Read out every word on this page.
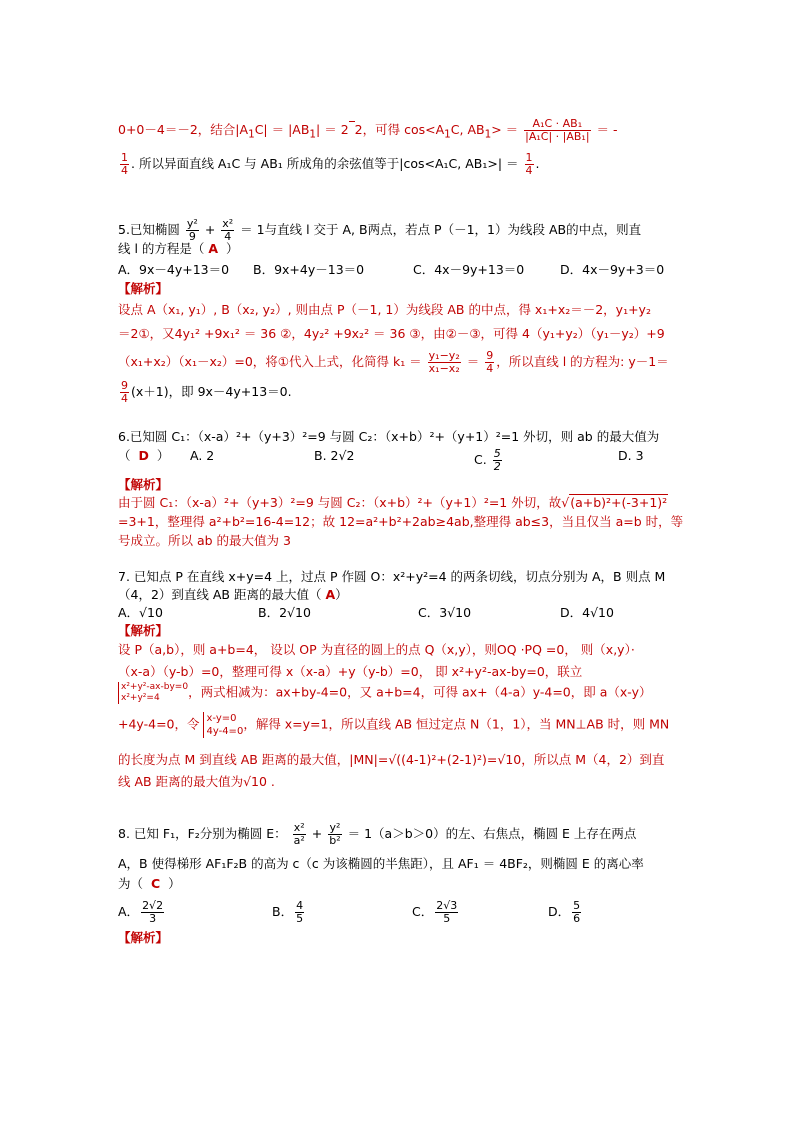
0+0－4＝－2，结合$|A_1C| = |AB_1| = 2$ 2，可得 $\cos<A_1C$, $AB_1> = \frac{\text{A₁C · AB₁}}{\text{|A₁C| · |AB₁|}}$ ＝ -
$\frac{1}{4}$ . 所以异面直线 A₁C 与 AB₁ 所成角的余弦值等于|cos<A₁C, $AB_1>| = \frac{1}{4}$ .
5.已知椭圆 $\frac{\text{y²}}{9} + \frac{\text{x²}}{4} = 1$与直线 l 交于 A, B两点，若点 P（－1，1）为线段 AB的中点，则直
线 l 的方程是（ A ）
A．9x－4y+13＝0 B．9x+4y－13＝0	C．4x－9y+13＝0	D．4x－9y+3＝0
【解析】
设点 A（x₁, y₁）, B（x₂, y₂）, 则由点 P（－1, 1）为线段 AB 的中点，得 x₁+x₂＝－2，y₁+y₂
＝2①，又4y₁² +9x₁² ＝ 36 ②，4y₂² +9x₂² ＝ 36 ③，由②－③，可得 4（y₁+y₂）（y₁－y₂）+9
（x₁+x₂）（x₁－x₂）=0，将①代入上式，化简得 $k_1 = \frac{\text{y₁−y₂}}{\text{x₁−x₂}} = \frac{9}{4}$ ，所以直线 l 的方程为: y－1＝
$\frac{9}{4} (x+1)$，即 9x－4y+13＝0.
6.已知圆 C₁：（x-a）²+（y+3）²=9 与圆 C₂：（x+b）²+（y+1）²=1 外切，则 ab 的最大值为
（ D ） A. 2	B. 2√2	C. $\frac{5}{2}$	D. 3
【解析】
由于圆 C₁：（x-a）²+（y+3）²=9 与圆 C₂：（x+b）²+（y+1）²=1 外切，故√(a+b)²+(-3+1)²
=3+1，整理得 a²+b²=16-4=12；故 12=a²+b²+2ab≥4ab,整理得 ab≤3，当且仅当 a=b 时，等
号成立。所以 ab 的最大值为 3
7. 已知点 P 在直线 x+y=4 上，过点 P 作圆 O：x²+y²=4 的两条切线，切点分别为 A，B 则点 M
（4，2）到直线 AB 距离的最大值（ A）
A．√10	B．2√10	C．3√10	D．4√10
【解析】
设 P（a,b），则 a+b=4， 设以 OP 为直径的圆上的点 Q（x,y），则OQ ·PQ =0， 则（x,y）·
（x-a）（y-b）=0，整理可得 x（x-a）+y（y-b）=0， 即 x²+y²-ax-by=0，联立
x²+y²-ax-by=0
x²+y²=4	，两式相减为：ax+by-4=0，又 a+b=4，可得 ax+（4-a）y-4=0，即 a（x-y）
+4y-4=0，令 x-y=0
4y-4=0 ，解得 x=y=1，所以直线 AB 恒过定点 N（1，1），当 MN⊥AB 时，则 MN
的长度为点 M 到直线 AB 距离的最大值，|MN|=√((4-1)²+(2-1)²)=√10，所以点 M（4，2）到直
线 AB 距离的最大值为√10 .
8. 已知 F₁，F₂分别为椭圆 E： $\frac{\text{x²}}{\text{a²}} + \frac{\text{y²}}{\text{b²}} = 1(a>b>0)$的左、右焦点，椭圆 E 上存在两点
A，B 使得梯形 AF₁F₂B 的高为 c（c 为该椭圆的半焦距），且 AF₁ ＝ 4BF₂，则椭圆 E 的离心率
为（ C ）
A． $\frac{2√2}{3}$	B． $\frac{4}{5}$	C． $\frac{2√3}{5}$	D． $\frac{5}{6}$
【解析】
